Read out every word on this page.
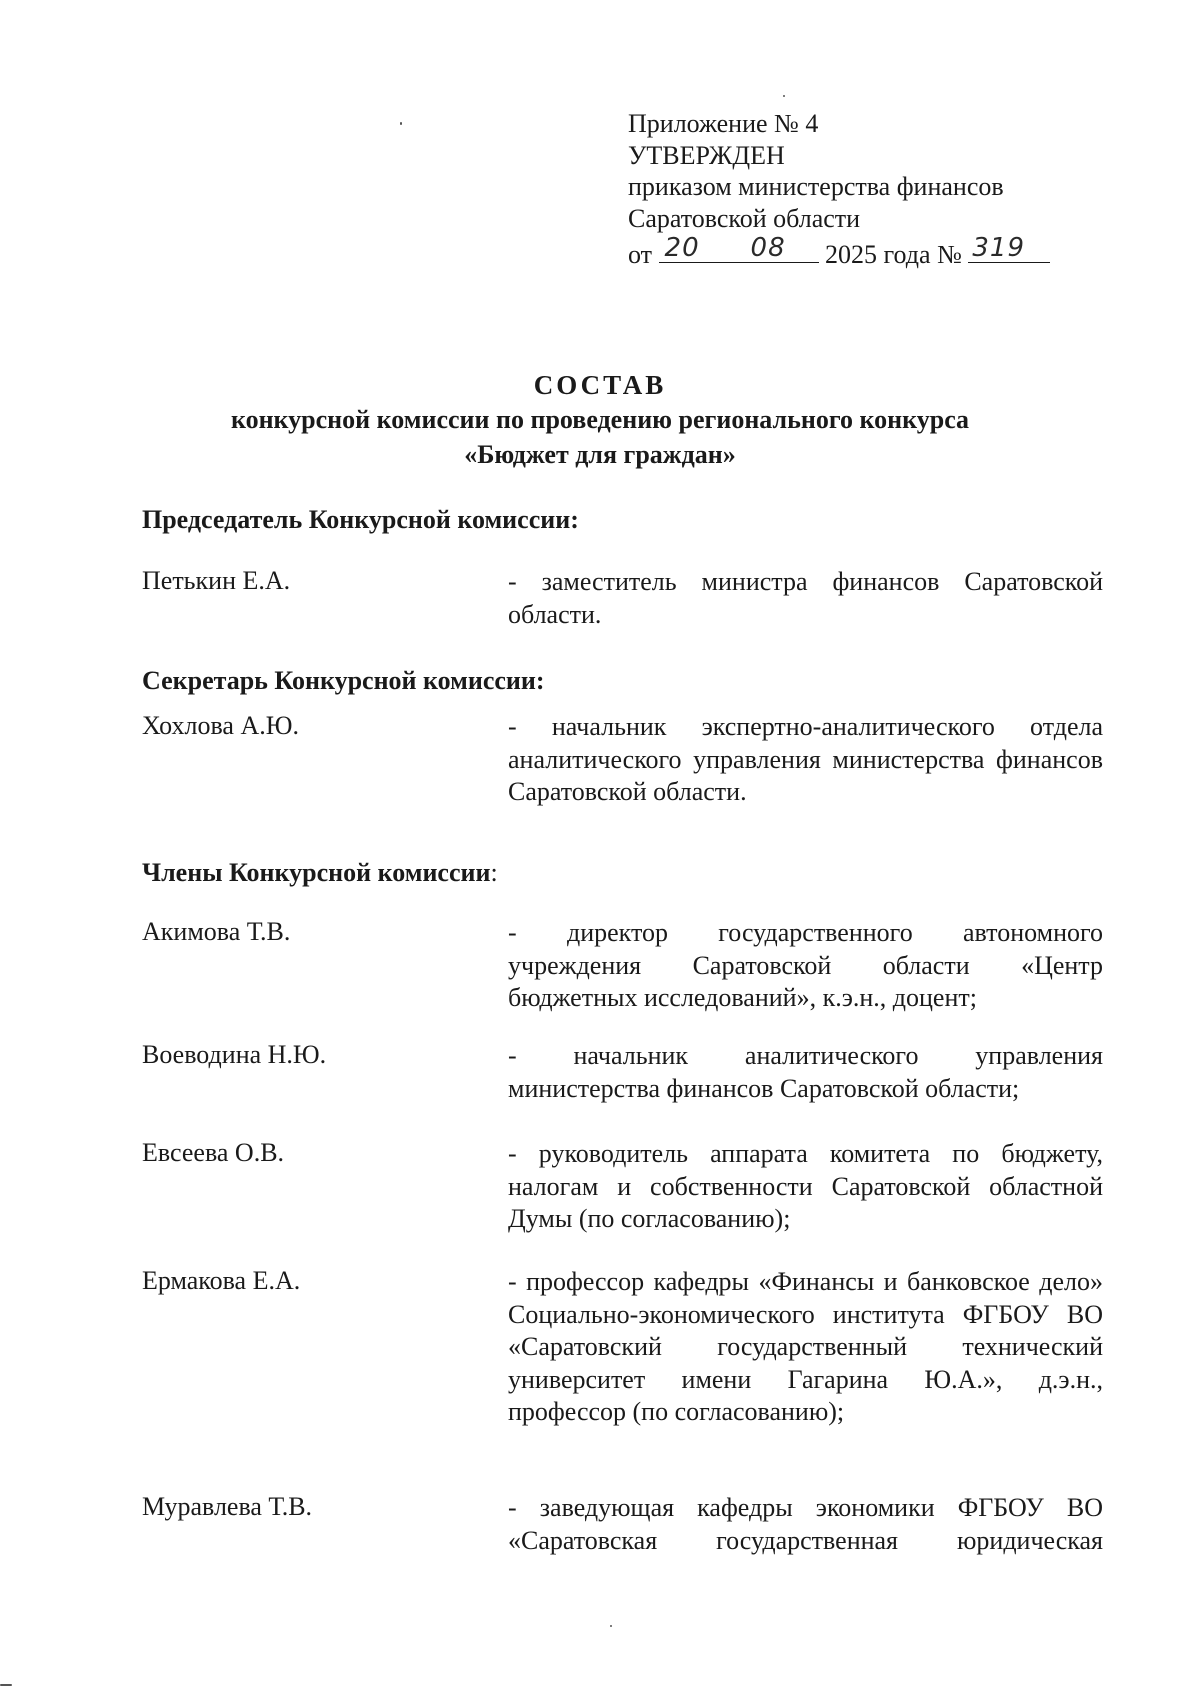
Приложение № 4
УТВЕРЖДЕН
приказом министерства финансов
Саратовской области
от 20 08 2025 года № 319
СОСТАВ
конкурсной комиссии по проведению регионального конкурса
«Бюджет для граждан»
Председатель Конкурсной комиссии:
Петькин Е.А.	- заместитель министра финансов Саратовской области.
Секретарь Конкурсной комиссии:
Хохлова А.Ю.	- начальник экспертно-аналитического отдела аналитического управления министерства финансов Саратовской области.
Члены Конкурсной комиссии:
Акимова Т.В.	- директор государственного автономного учреждения Саратовской области «Центр бюджетных исследований», к.э.н., доцент;
Воеводина Н.Ю.	- начальник аналитического управления министерства финансов Саратовской области;
Евсеева О.В.	- руководитель аппарата комитета по бюджету, налогам и собственности Саратовской областной Думы (по согласованию);
Ермакова Е.А.	- профессор кафедры «Финансы и банковское дело» Социально-экономического института ФГБОУ ВО «Саратовский государственный технический университет имени Гагарина Ю.А.», д.э.н., профессор (по согласованию);
Муравлева Т.В.	- заведующая кафедры экономики ФГБОУ ВО «Саратовская государственная юридическая
